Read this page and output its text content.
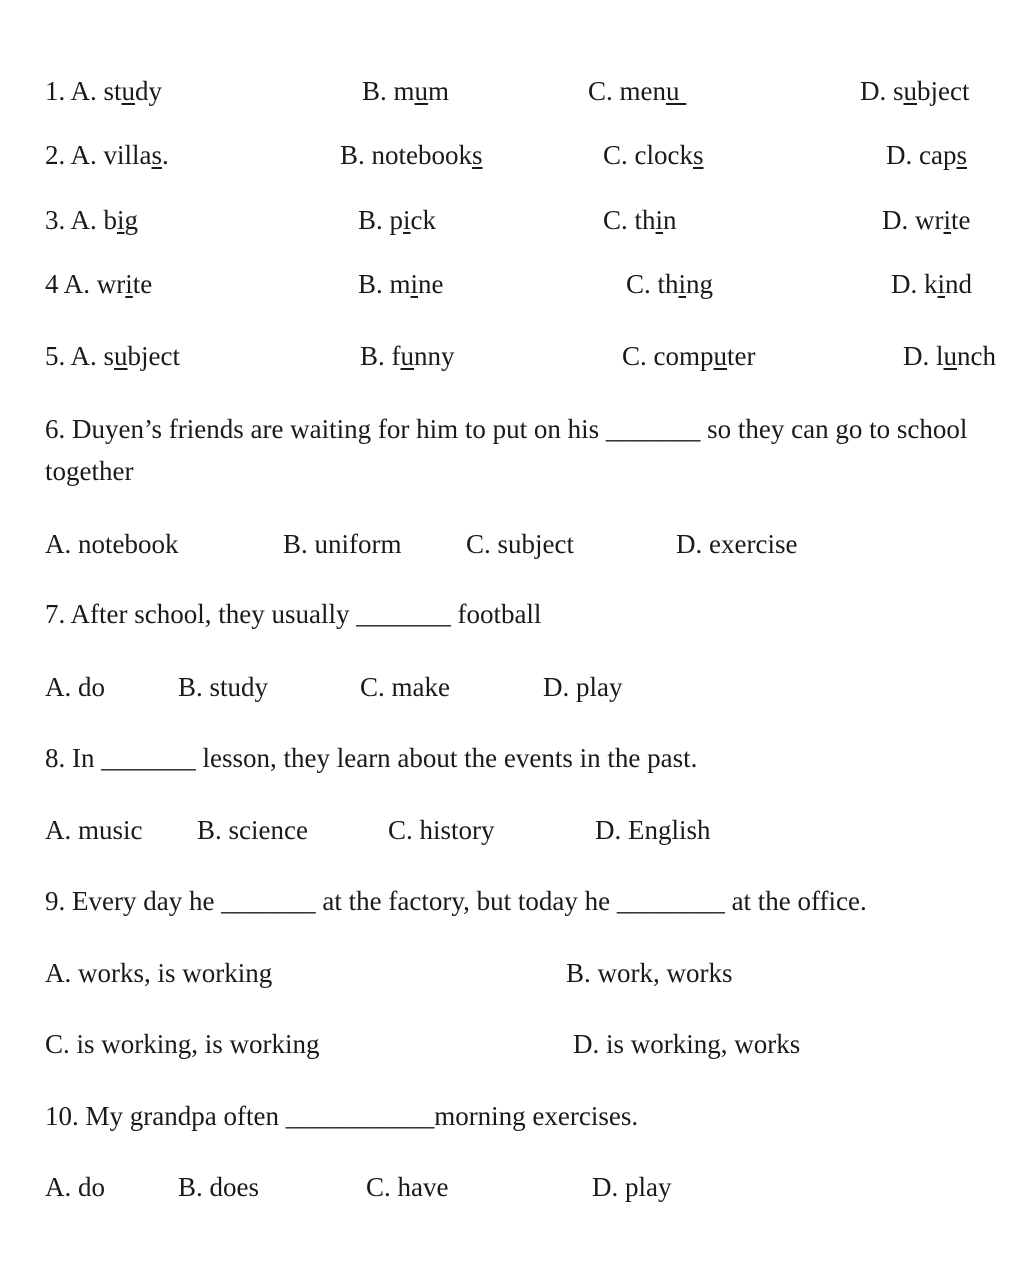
1. A. study	B. mum	C. menu	D. subject
2. A. villas.	B. notebooks	C. clocks	D. caps
3. A. big	B. pick	C. thin	D. write
4 A. write	B. mine	C. thing	D. kind
5. A. subject	B. funny	C. computer	D. lunch
6. Duyen’s friends are waiting for him to put on his _______ so they can go to school together
A. notebook	B. uniform C. subject	D. exercise
7. After school, they usually _______ football
A. do	B. study	C. make	D. play
8. In _______ lesson, they learn about the events in the past.
A. music B. science	C. history	D. English
9. Every day he _______ at the factory, but today he ________ at the office.
A. works, is working	B. work, works
C. is working, is working	D. is working, works
10. My grandpa often ___________morning exercises.
A. do	B. does	C. have	D. play
